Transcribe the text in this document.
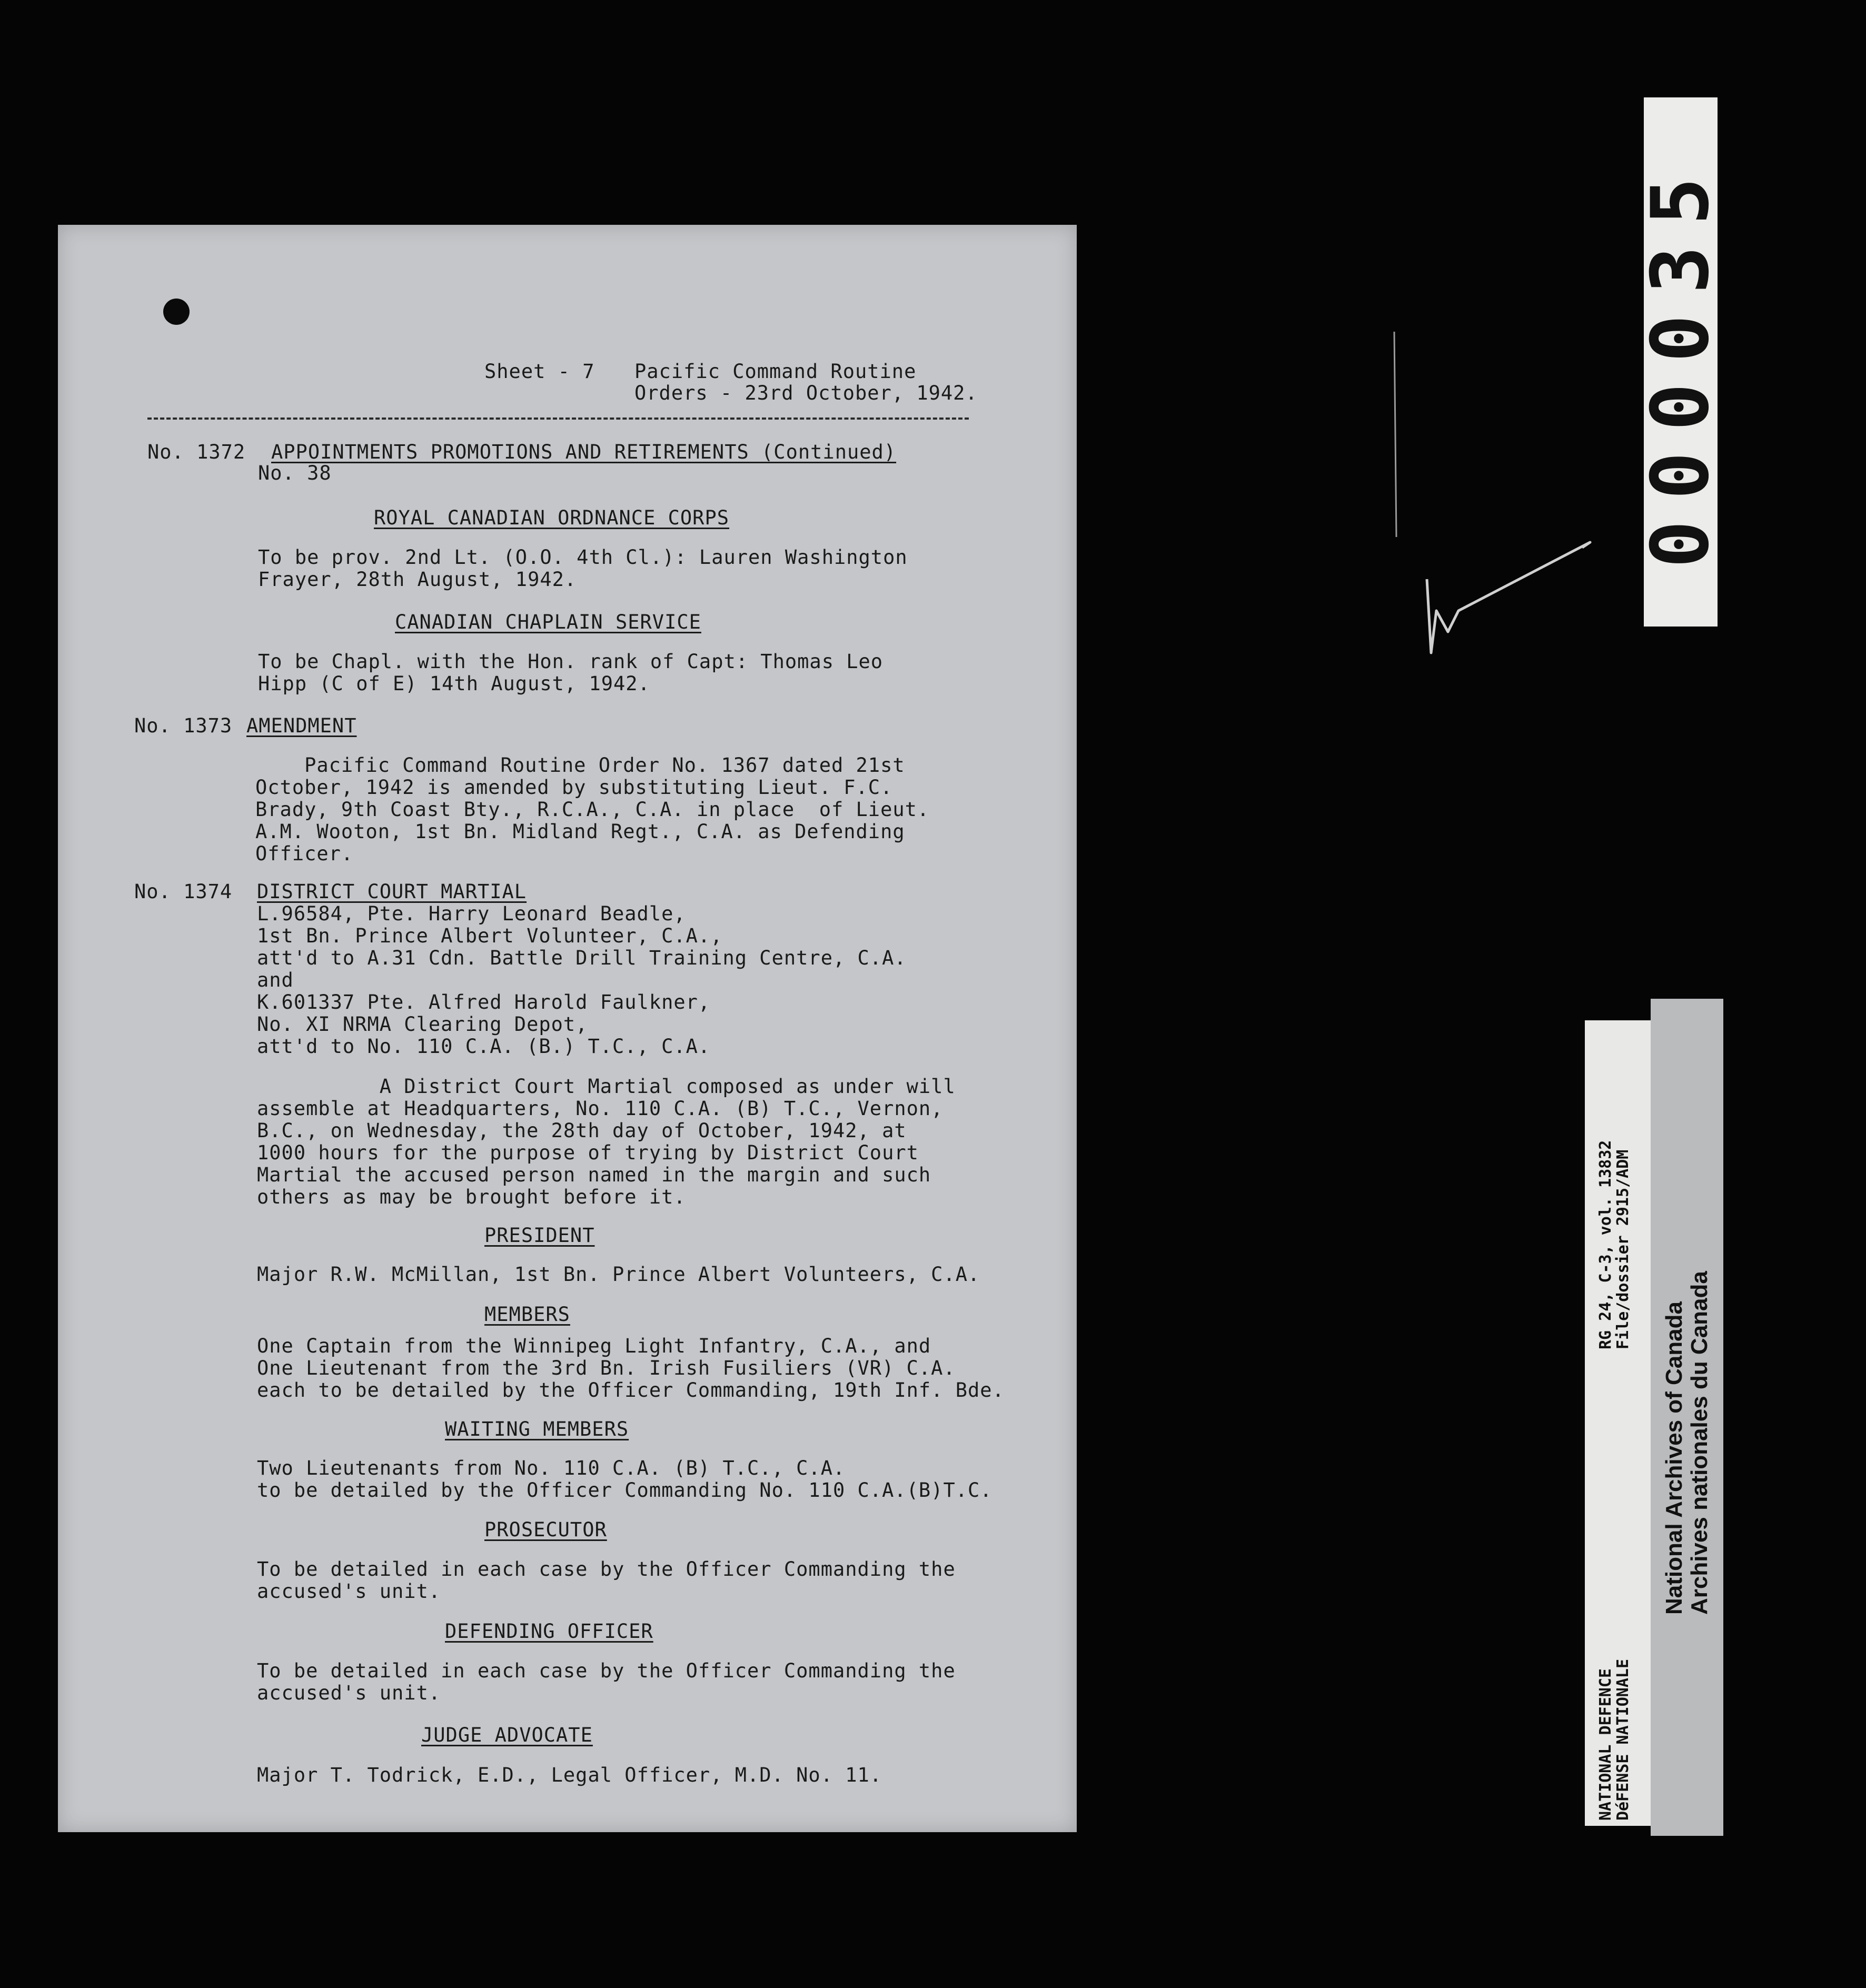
Sheet - 7 Pacific Command Routine
Orders - 23rd October, 1942.
No. 1372 APPOINTMENTS PROMOTIONS AND RETIREMENTS (Continued)
No. 38
ROYAL CANADIAN ORDNANCE CORPS
To be prov. 2nd Lt. (O.O. 4th Cl.): Lauren Washington
Frayer, 28th August, 1942.
CANADIAN CHAPLAIN SERVICE
To be Chapl. with the Hon. rank of Capt: Thomas Leo
Hipp (C of E) 14th August, 1942.
No. 1373 AMENDMENT
Pacific Command Routine Order No. 1367 dated 21st
October, 1942 is amended by substituting Lieut. F.C.
Brady, 9th Coast Bty., R.C.A., C.A. in place  of Lieut.
A.M. Wooton, 1st Bn. Midland Regt., C.A. as Defending
Officer.
No. 1374 DISTRICT COURT MARTIAL
L.96584, Pte. Harry Leonard Beadle,
1st Bn. Prince Albert Volunteer, C.A.,
att'd to A.31 Cdn. Battle Drill Training Centre, C.A.
and
K.601337 Pte. Alfred Harold Faulkner,
No. XI NRMA Clearing Depot,
att'd to No. 110 C.A. (B.) T.C., C.A.
A District Court Martial composed as under will
assemble at Headquarters, No. 110 C.A. (B) T.C., Vernon,
B.C., on Wednesday, the 28th day of October, 1942, at
1000 hours for the purpose of trying by District Court
Martial the accused person named in the margin and such
others as may be brought before it.
PRESIDENT
Major R.W. McMillan, 1st Bn. Prince Albert Volunteers, C.A.
MEMBERS
One Captain from the Winnipeg Light Infantry, C.A., and
One Lieutenant from the 3rd Bn. Irish Fusiliers (VR) C.A.
each to be detailed by the Officer Commanding, 19th Inf. Bde.
WAITING MEMBERS
Two Lieutenants from No. 110 C.A. (B) T.C., C.A.
to be detailed by the Officer Commanding No. 110 C.A.(B)T.C.
PROSECUTOR
To be detailed in each case by the Officer Commanding the
accused's unit.
DEFENDING OFFICER
To be detailed in each case by the Officer Commanding the
accused's unit.
JUDGE ADVOCATE
Major T. Todrick, E.D., Legal Officer, M.D. No. 11.
000035
NATIONAL DEFENCE
DéFENSE NATIONALE
RG 24, C-3, vol. 13832
File/dossier 2915/ADM
National Archives of Canada Archives nationales du Canada
